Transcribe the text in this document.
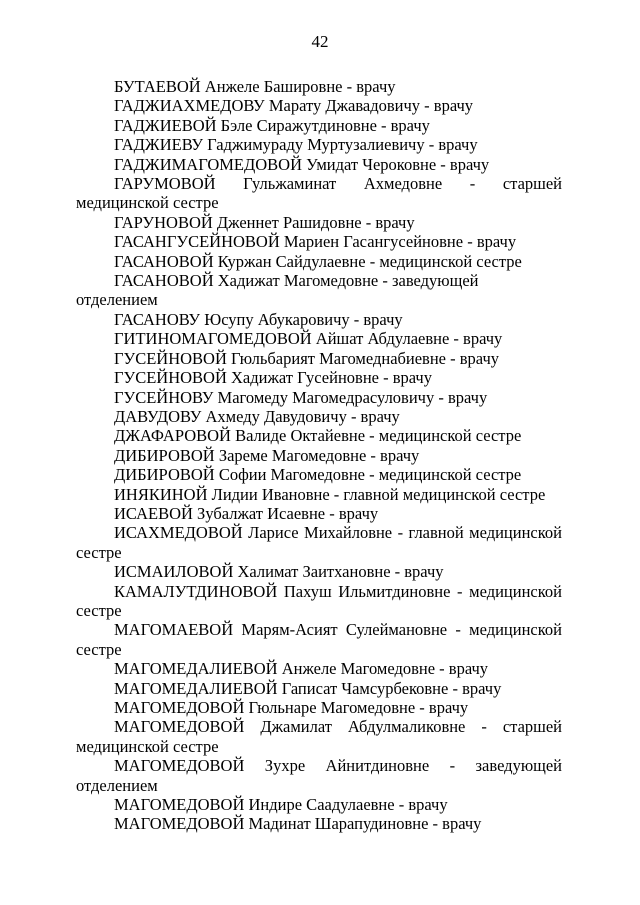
42

БУТАЕВОЙ Анжеле Башировне - врачу

ГАДЖИАХМЕДОВУ Марату Джавадовичу - врачу

ГАДЖИЕВОЙ Бэле Сиражутдиновне - врачу

ГАДЖИЕВУ Гаджимураду Муртузалиевичу - врачу

ГАДЖИМАГОМЕДОВОЙ Умидат Чероковне - врачу

ГАРУМОВОЙ Гульжаминат Ахмедовне - старшей медицинской сестре

ГАРУНОВОЙ Дженнет Рашидовне - врачу

ГАСАНГУСЕЙНОВОЙ Мариен Гасангусейновне - врачу

ГАСАНОВОЙ Куржан Сайдулаевне - медицинской сестре

ГАСАНОВОЙ Хадижат Магомедовне - заведующей отделением

ГАСАНОВУ Юсупу Абукаровичу - врачу

ГИТИНОМАГОМЕДОВОЙ Айшат Абдулаевне - врачу

ГУСЕЙНОВОЙ Гюльбарият Магомеднабиевне - врачу

ГУСЕЙНОВОЙ Хадижат Гусейновне - врачу

ГУСЕЙНОВУ Магомеду Магомедрасуловичу - врачу

ДАВУДОВУ Ахмеду Давудовичу - врачу

ДЖАФАРОВОЙ Валиде Октайевне - медицинской сестре

ДИБИРОВОЙ Зареме Магомедовне - врачу

ДИБИРОВОЙ Софии Магомедовне - медицинской сестре

ИНЯКИНОЙ Лидии Ивановне - главной медицинской сестре

ИСАЕВОЙ Зубалжат Исаевне - врачу

ИСАХМЕДОВОЙ Ларисе Михайловне - главной медицинской сестре

ИСМАИЛОВОЙ Халимат Заитхановне - врачу

КАМАЛУТДИНОВОЙ Пахуш Ильмитдиновне - медицинской сестре

МАГОМАЕВОЙ Марям-Асият Сулеймановне - медицинской сестре

МАГОМЕДАЛИЕВОЙ Анжеле Магомедовне - врачу

МАГОМЕДАЛИЕВОЙ Гаписат Чамсурбековне - врачу

МАГОМЕДОВОЙ Гюльнаре Магомедовне - врачу

МАГОМЕДОВОЙ Джамилат Абдулмаликовне - старшей медицинской сестре

МАГОМЕДОВОЙ Зухре Айнитдиновне - заведующей отделением

МАГОМЕДОВОЙ Индире Саадулаевне - врачу

МАГОМЕДОВОЙ Мадинат Шарапудиновне - врачу
